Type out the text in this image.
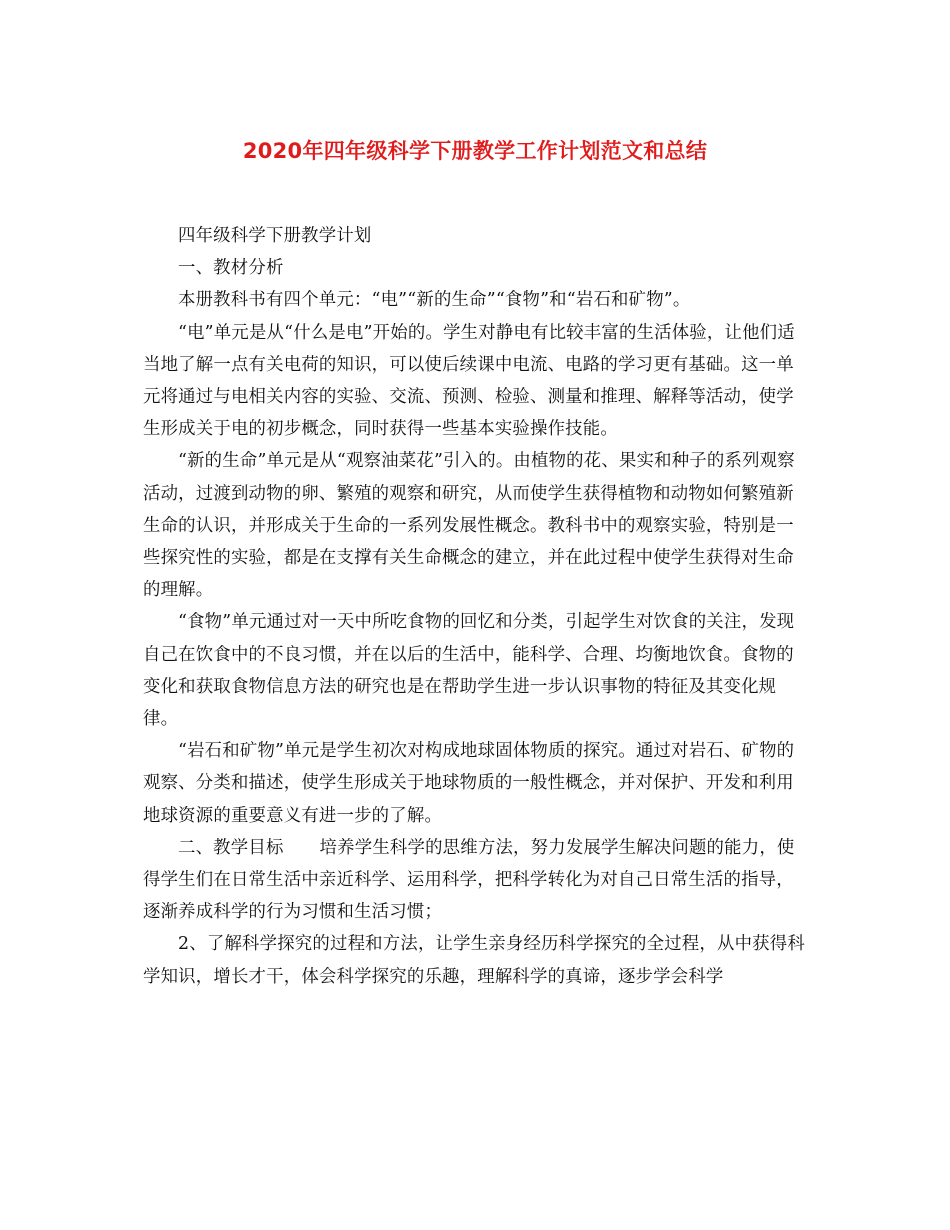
2020年四年级科学下册教学工作计划范文和总结

四年级科学下册教学计划

一、教材分析

本册教科书有四个单元：“电”“新的生命”“食物”和“岩石和矿物”。

“电”单元是从“什么是电”开始的。学生对静电有比较丰富的生活体验，让他们适当地了解一点有关电荷的知识，可以使后续课中电流、电路的学习更有基础。这一单元将通过与电相关内容的实验、交流、预测、检验、测量和推理、解释等活动，使学生形成关于电的初步概念，同时获得一些基本实验操作技能。

“新的生命”单元是从“观察油菜花”引入的。由植物的花、果实和种子的系列观察活动，过渡到动物的卵、繁殖的观察和研究，从而使学生获得植物和动物如何繁殖新生命的认识，并形成关于生命的一系列发展性概念。教科书中的观察实验，特别是一些探究性的实验，都是在支撑有关生命概念的建立，并在此过程中使学生获得对生命的理解。

“食物”单元通过对一天中所吃食物的回忆和分类，引起学生对饮食的关注，发现自己在饮食中的不良习惯，并在以后的生活中，能科学、合理、均衡地饮食。食物的变化和获取食物信息方法的研究也是在帮助学生进一步认识事物的特征及其变化规律。

“岩石和矿物”单元是学生初次对构成地球固体物质的探究。通过对岩石、矿物的观察、分类和描述，使学生形成关于地球物质的一般性概念，并对保护、开发和利用地球资源的重要意义有进一步的了解。

二、教学目标 培养学生科学的思维方法，努力发展学生解决问题的能力，使得学生们在日常生活中亲近科学、运用科学，把科学转化为对自己日常生活的指导，逐渐养成科学的行为习惯和生活习惯；

2、了解科学探究的过程和方法，让学生亲身经历科学探究的全过程，从中获得科学知识，增长才干，体会科学探究的乐趣，理解科学的真谛，逐步学会科学
